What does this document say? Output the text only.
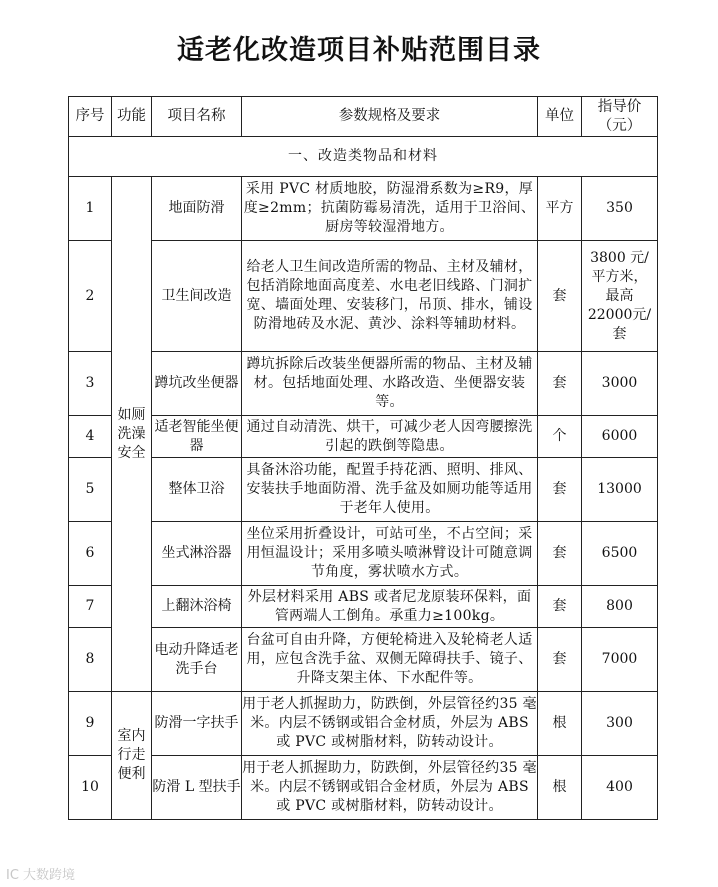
适老化改造项目补贴范围目录
序号	功能	项目名称	参数规格及要求	单位	指导价（元）
一、改造类物品和材料					
1	如厕洗澡安全	地面防滑	采用 PVC 材质地胶，防湿滑系数为≥R9，厚度≥2mm；抗菌防霉易清洗，适用于卫浴间、厨房等较湿滑地方。	平方	350
2		卫生间改造	给老人卫生间改造所需的物品、主材及辅材，包括消除地面高度差、水电老旧线路、门洞扩宽、墙面处理、安装移门，吊顶、排水，铺设防滑地砖及水泥、黄沙、涂料等辅助材料。	套	3800 元/平方米，最高22000元/套
3		蹲坑改坐便器	蹲坑拆除后改装坐便器所需的物品、主材及辅材。包括地面处理、水路改造、坐便器安装等。	套	3000
4		适老智能坐便器	通过自动清洗、烘干，可减少老人因弯腰擦洗引起的跌倒等隐患。	个	6000
5		整体卫浴	具备沐浴功能，配置手持花洒、照明、排风、安装扶手地面防滑、洗手盆及如厕功能等适用于老年人使用。	套	13000
6		坐式淋浴器	坐位采用折叠设计，可站可坐，不占空间；采用恒温设计；采用多喷头喷淋臂设计可随意调节角度，雾状喷水方式。	套	6500
7		上翻沐浴椅	外层材料采用 ABS 或者尼龙原装环保料，面管两端人工倒角。承重力≥100kg。	套	800
8		电动升降适老洗手台	台盆可自由升降，方便轮椅进入及轮椅老人适用，应包含洗手盆、双侧无障碍扶手、镜子、升降支架主体、下水配件等。	套	7000
9	室内行走便利	防滑一字扶手	用于老人抓握助力，防跌倒，外层管径约35 毫米。内层不锈钢或铝合金材质，外层为 ABS 或 PVC 或树脂材料，防转动设计。	根	300
10		防滑 L 型扶手	用于老人抓握助力，防跌倒，外层管径约35 毫米。内层不锈钢或铝合金材质，外层为 ABS 或 PVC 或树脂材料，防转动设计。	根	400
IC 大数跨境
